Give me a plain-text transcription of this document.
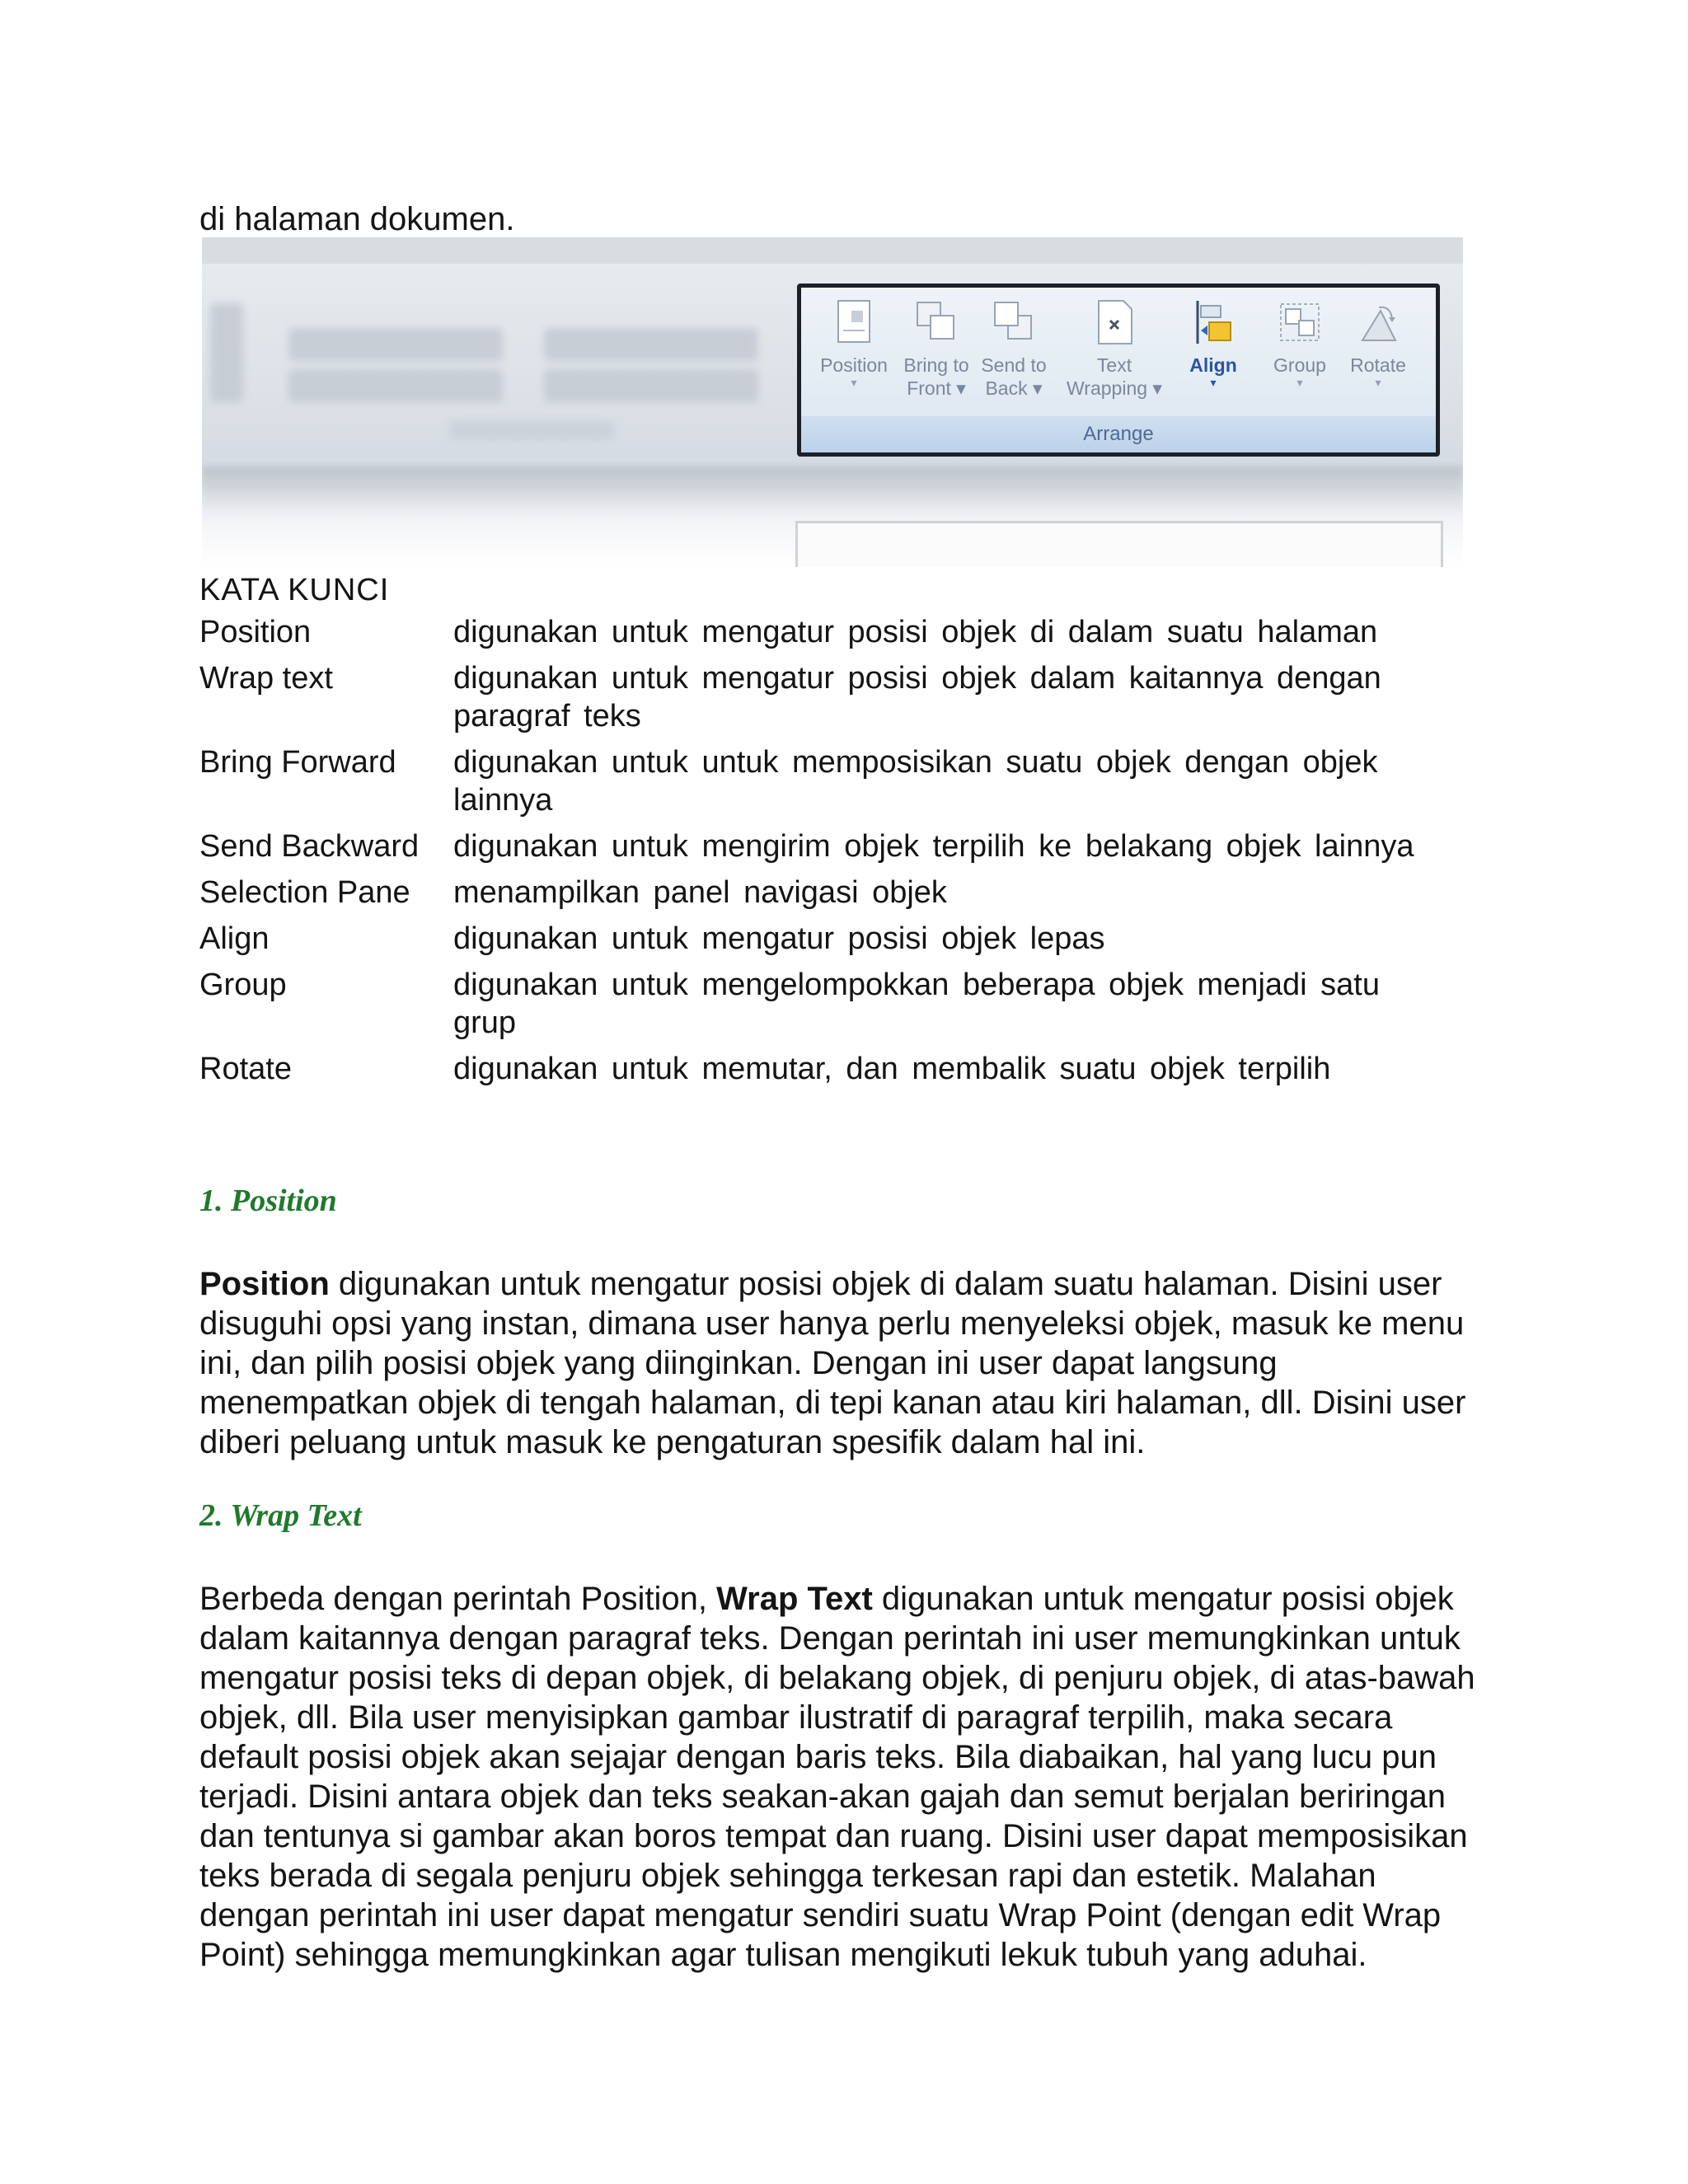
di halaman dokumen.
Position
▾
Bring to
Front ▾
Send to
Back ▾
Text
Wrapping ▾
Align
▾
Group
▾
Rotate
▾
Arrange
KATA KUNCI
Position	digunakan untuk mengatur posisi objek di dalam suatu halaman
Wrap text	digunakan untuk mengatur posisi objek dalam kaitannya dengan paragraf teks
Bring Forward	digunakan untuk untuk memposisikan suatu objek dengan objek lainnya
Send Backward	digunakan untuk mengirim objek terpilih ke belakang objek lainnya
Selection Pane	menampilkan panel navigasi objek
Align	digunakan untuk mengatur posisi objek lepas
Group	digunakan untuk mengelompokkan beberapa objek menjadi satu grup
Rotate	digunakan untuk memutar, dan membalik suatu objek terpilih
1. Position
Position digunakan untuk mengatur posisi objek di dalam suatu halaman. Disini user disuguhi opsi yang instan, dimana user hanya perlu menyeleksi objek, masuk ke menu ini, dan pilih posisi objek yang diinginkan. Dengan ini user dapat langsung menempatkan objek di tengah halaman, di tepi kanan atau kiri halaman, dll. Disini user diberi peluang untuk masuk ke pengaturan spesifik dalam hal ini.
2. Wrap Text
Berbeda dengan perintah Position, Wrap Text digunakan untuk mengatur posisi objek dalam kaitannya dengan paragraf teks. Dengan perintah ini user memungkinkan untuk mengatur posisi teks di depan objek, di belakang objek, di penjuru objek, di atas-bawah objek, dll. Bila user menyisipkan gambar ilustratif di paragraf terpilih, maka secara default posisi objek akan sejajar dengan baris teks. Bila diabaikan, hal yang lucu pun terjadi. Disini antara objek dan teks seakan-akan gajah dan semut berjalan beriringan dan tentunya si gambar akan boros tempat dan ruang. Disini user dapat memposisikan teks berada di segala penjuru objek sehingga terkesan rapi dan estetik. Malahan dengan perintah ini user dapat mengatur sendiri suatu Wrap Point (dengan edit Wrap Point) sehingga memungkinkan agar tulisan mengikuti lekuk tubuh yang aduhai.
